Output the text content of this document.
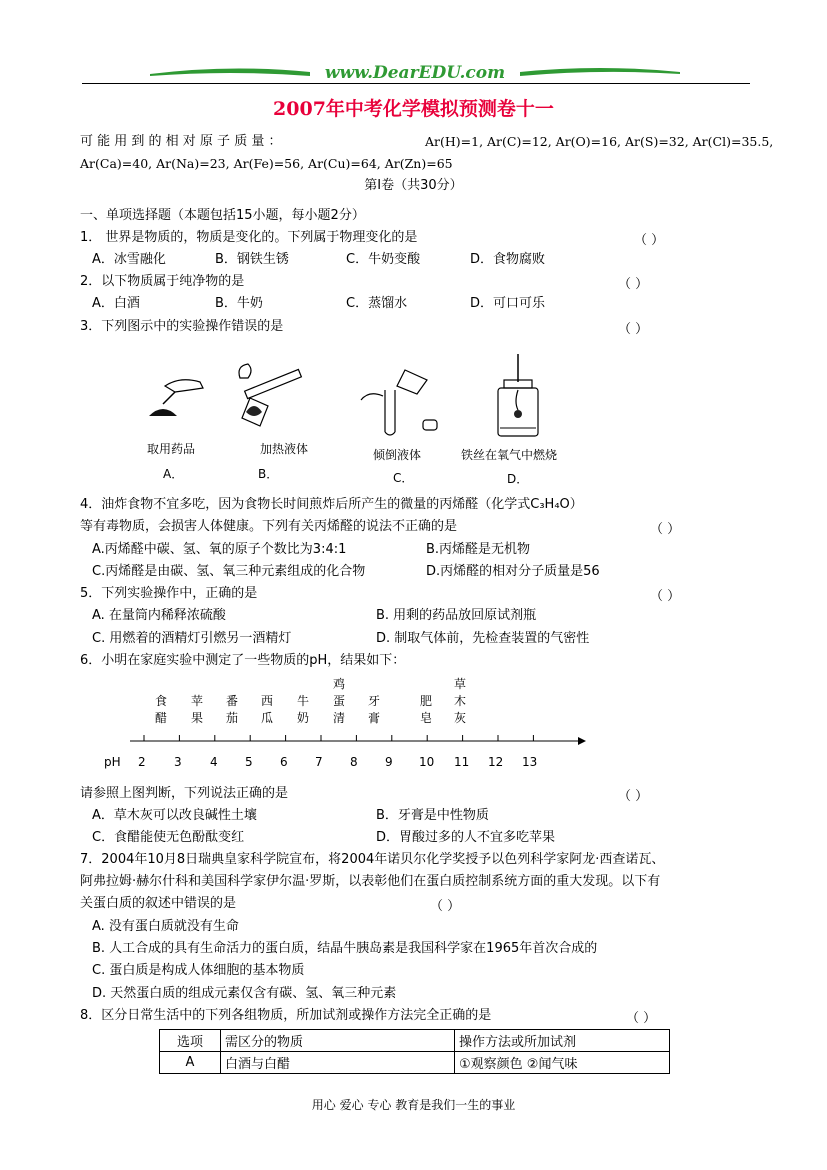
www.DearEDU.com
2007年中考化学模拟预测卷十一
可 能 用 到 的 相 对 原 子 质 量 ：	Ar(H)=1, Ar(C)=12, Ar(O)=16, Ar(S)=32, Ar(Cl)=35.5,
Ar(Ca)=40, Ar(Na)=23, Ar(Fe)=56, Ar(Cu)=64, Ar(Zn)=65
第Ⅰ卷（共30分）
一、单项选择题（本题包括15小题，每小题2分）
1． 世界是物质的，物质是变化的。下列属于物理变化的是	（ ）
A．冰雪融化	B．钢铁生锈	C．牛奶变酸	D．食物腐败
2．以下物质属于纯净物的是	（ ）
A．白酒	B．牛奶	C．蒸馏水	D．可口可乐
3．下列图示中的实验操作错误的是	（ ）
取用药品
A．
加热液体
B．
倾倒液体
C．
铁丝在氧气中燃烧
D．
4．油炸食物不宜多吃，因为食物长时间煎炸后所产生的微量的丙烯醛（化学式C₃H₄O）
等有毒物质，会损害人体健康。下列有关丙烯醛的说法不正确的是	（ ）
A.丙烯醛中碳、氢、氧的原子个数比为3:4:1	B.丙烯醛是无机物
C.丙烯醛是由碳、氢、氧三种元素组成的化合物	D.丙烯醛的相对分子质量是56
5．下列实验操作中，正确的是	（ ）
A. 在量筒内稀释浓硫酸	B. 用剩的药品放回原试剂瓶
C. 用燃着的酒精灯引燃另一酒精灯	D. 制取气体前，先检查装置的气密性
6．小明在家庭实验中测定了一些物质的pH，结果如下：
食
醋
苹
果
番
茄
西
瓜
牛
奶
鸡
蛋
清
牙
膏
肥
皂
草
木
灰
pH 2 3 4 5 6 7 8 9 10 11 12 13
请参照上图判断，下列说法正确的是	（ ）
A．草木灰可以改良碱性土壤	B．牙膏是中性物质
C．食醋能使无色酚酞变红	D．胃酸过多的人不宜多吃苹果
7．2004年10月8日瑞典皇家科学院宣布，将2004年诺贝尔化学奖授予以色列科学家阿龙·西查诺瓦、
阿弗拉姆·赫尔什科和美国科学家伊尔温·罗斯，以表彰他们在蛋白质控制系统方面的重大发现。以下有
关蛋白质的叙述中错误的是	（ ）
A. 没有蛋白质就没有生命
B. 人工合成的具有生命活力的蛋白质，结晶牛胰岛素是我国科学家在1965年首次合成的
C. 蛋白质是构成人体细胞的基本物质
D. 天然蛋白质的组成元素仅含有碳、氢、氧三种元素
8．区分日常生活中的下列各组物质，所加试剂或操作方法完全正确的是	（ ）
选项	需区分的物质	操作方法或所加试剂
A	白酒与白醋	①观察颜色 ②闻气味
用心 爱心 专心 教育是我们一生的事业
